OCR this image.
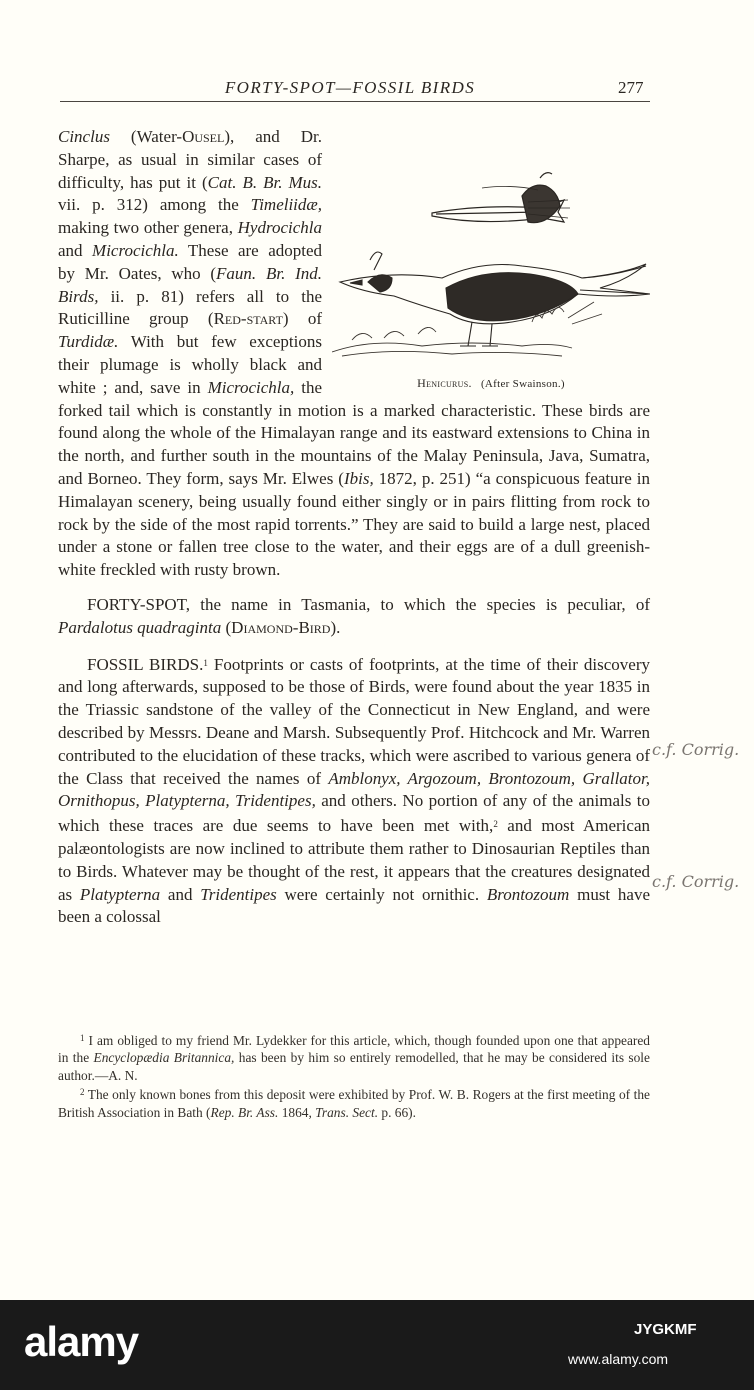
FORTY-SPOT—FOSSIL BIRDS	277
Henicurus. (After Swainson.)

Cinclus (Water-Ousel), and Dr. Sharpe, as usual in similar cases of difficulty, has put it (Cat. B. Br. Mus. vii. p. 312) among the Timeliidæ, making two other genera, Hydrocichla and Microcichla. These are adopted by Mr. Oates, who (Faun. Br. Ind. Birds, ii. p. 81) refers all to the Ruticilline group (Red-start) of Turdidæ. With but few exceptions their plumage is wholly black and white ; and, save in Microcichla, the forked tail which is constantly in motion is a marked characteristic. These birds are found along the whole of the Himalayan range and its eastward extensions to China in the north, and further south in the mountains of the Malay Peninsula, Java, Sumatra, and Borneo. They form, says Mr. Elwes (Ibis, 1872, p. 251) “a conspicuous feature in Himalayan scenery, being usually found either singly or in pairs flitting from rock to rock by the side of the most rapid torrents.” They are said to build a large nest, placed under a stone or fallen tree close to the water, and their eggs are of a dull greenish-white freckled with rusty brown.

FORTY-SPOT, the name in Tasmania, to which the species is peculiar, of Pardalotus quadraginta (Diamond-Bird).

FOSSIL BIRDS.$^1$ Footprints or casts of footprints, at the time of their discovery and long afterwards, supposed to be those of Birds, were found about the year 1835 in the Triassic sandstone of the valley of the Connecticut in New England, and were described by Messrs. Deane and Marsh. Subsequently Prof. Hitchcock and Mr. Warren contributed to the elucidation of these tracks, which were ascribed to various genera of the Class that received the names of Amblonyx, Argozoum, Brontozoum, Grallator, Ornithopus, Platypterna, Tridentipes, and others. No portion of any of the animals to which these traces are due seems to have been met with,$^2$ and most American palæontologists are now inclined to attribute them rather to Dinosaurian Reptiles than to Birds. Whatever may be thought of the rest, it appears that the creatures designated as Platypterna and Tridentipes were certainly not ornithic. Brontozoum must have been a colossal

$^1$ I am obliged to my friend Mr. Lydekker for this article, which, though founded upon one that appeared in the Encyclopædia Britannica, has been by him so entirely remodelled, that he may be considered its sole author.—A. N.

$^2$ The only known bones from this deposit were exhibited by Prof. W. B. Rogers at the first meeting of the British Association in Bath (Rep. Br. Ass. 1864, Trans. Sect. p. 66).

c.f. Corrig.
c.f. Corrig.
alamy	JYGKMF
www.alamy.com
